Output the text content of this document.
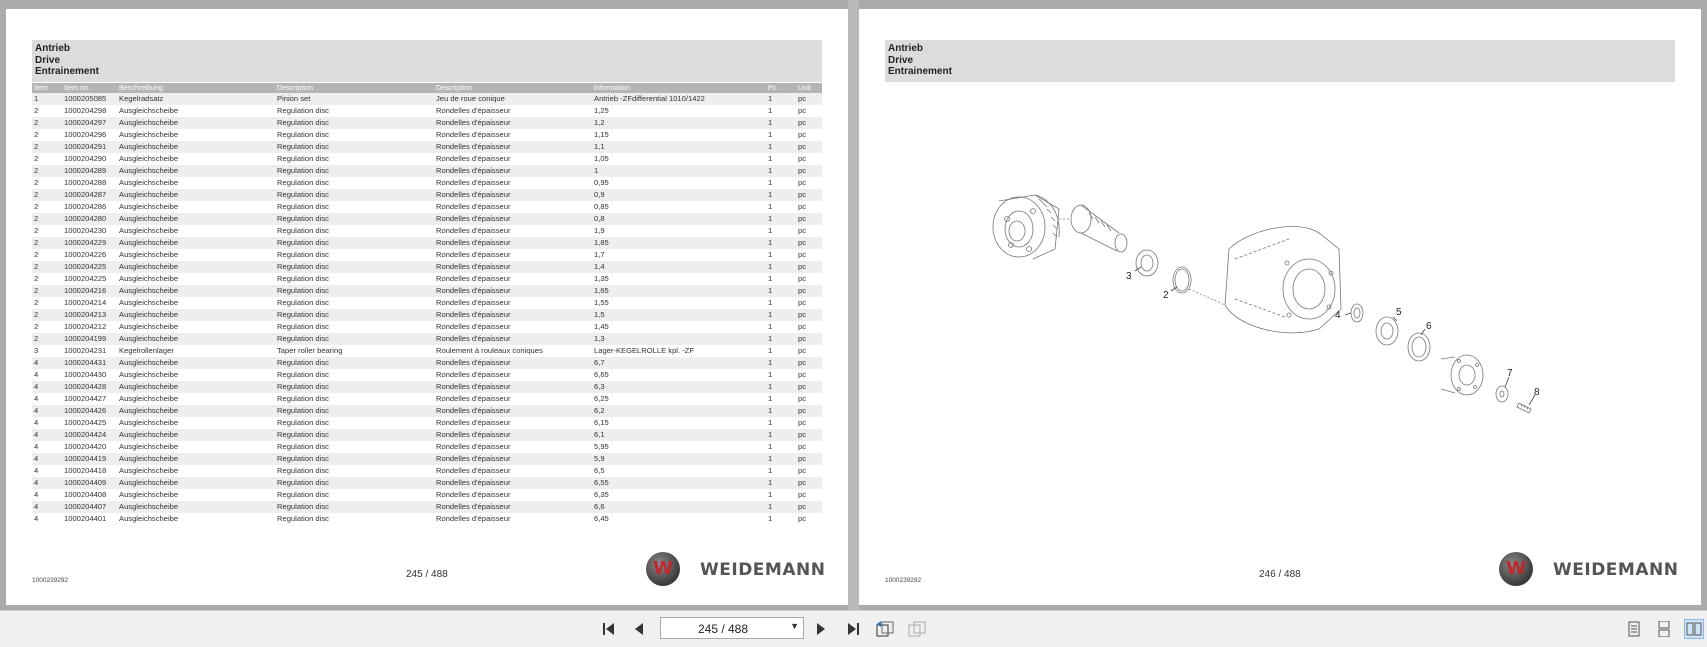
Antrieb
Drive
Entrainement
Item	Item no.	Beschreibung	Description	Description	Information	Pc.	Unit
1	1000205085	Kegelradsatz	Pinion set	Jeu de roue conique	Antrieb -ZFdifferential 1010/1422	1	pc
2	1000204298	Ausgleichscheibe	Regulation disc	Rondelles d'épaisseur	1,25	1	pc
2	1000204297	Ausgleichscheibe	Regulation disc	Rondelles d'épaisseur	1,2	1	pc
2	1000204296	Ausgleichscheibe	Regulation disc	Rondelles d'épaisseur	1,15	1	pc
2	1000204291	Ausgleichscheibe	Regulation disc	Rondelles d'épaisseur	1,1	1	pc
2	1000204290	Ausgleichscheibe	Regulation disc	Rondelles d'épaisseur	1,05	1	pc
2	1000204289	Ausgleichscheibe	Regulation disc	Rondelles d'épaisseur	1	1	pc
2	1000204288	Ausgleichscheibe	Regulation disc	Rondelles d'épaisseur	0,95	1	pc
2	1000204287	Ausgleichscheibe	Regulation disc	Rondelles d'épaisseur	0,9	1	pc
2	1000204286	Ausgleichscheibe	Regulation disc	Rondelles d'épaisseur	0,85	1	pc
2	1000204280	Ausgleichscheibe	Regulation disc	Rondelles d'épaisseur	0,8	1	pc
2	1000204230	Ausgleichscheibe	Regulation disc	Rondelles d'épaisseur	1,9	1	pc
2	1000204229	Ausgleichscheibe	Regulation disc	Rondelles d'épaisseur	1,85	1	pc
2	1000204226	Ausgleichscheibe	Regulation disc	Rondelles d'épaisseur	1,7	1	pc
2	1000204225	Ausgleichscheibe	Regulation disc	Rondelles d'épaisseur	1,4	1	pc
2	1000204225	Ausgleichscheibe	Regulation disc	Rondelles d'épaisseur	1,35	1	pc
2	1000204216	Ausgleichscheibe	Regulation disc	Rondelles d'épaisseur	1,65	1	pc
2	1000204214	Ausgleichscheibe	Regulation disc	Rondelles d'épaisseur	1,55	1	pc
2	1000204213	Ausgleichscheibe	Regulation disc	Rondelles d'épaisseur	1,5	1	pc
2	1000204212	Ausgleichscheibe	Regulation disc	Rondelles d'épaisseur	1,45	1	pc
2	1000204199	Ausgleichscheibe	Regulation disc	Rondelles d'épaisseur	1,3	1	pc
3	1000204231	Kegelrollenlager	Taper roller bearing	Roulement à rouleaux coniques	Lager-KEGELROLLE kpl. -ZF	1	pc
4	1000204431	Ausgleichscheibe	Regulation disc	Rondelles d'épaisseur	6,7	1	pc
4	1000204430	Ausgleichscheibe	Regulation disc	Rondelles d'épaisseur	6,65	1	pc
4	1000204428	Ausgleichscheibe	Regulation disc	Rondelles d'épaisseur	6,3	1	pc
4	1000204427	Ausgleichscheibe	Regulation disc	Rondelles d'épaisseur	6,25	1	pc
4	1000204426	Ausgleichscheibe	Regulation disc	Rondelles d'épaisseur	6,2	1	pc
4	1000204425	Ausgleichscheibe	Regulation disc	Rondelles d'épaisseur	6,15	1	pc
4	1000204424	Ausgleichscheibe	Regulation disc	Rondelles d'épaisseur	6,1	1	pc
4	1000204420	Ausgleichscheibe	Regulation disc	Rondelles d'épaisseur	5,95	1	pc
4	1000204419	Ausgleichscheibe	Regulation disc	Rondelles d'épaisseur	5,9	1	pc
4	1000204418	Ausgleichscheibe	Regulation disc	Rondelles d'épaisseur	6,5	1	pc
4	1000204409	Ausgleichscheibe	Regulation disc	Rondelles d'épaisseur	6,55	1	pc
4	1000204408	Ausgleichscheibe	Regulation disc	Rondelles d'épaisseur	6,35	1	pc
4	1000204407	Ausgleichscheibe	Regulation disc	Rondelles d'épaisseur	6,6	1	pc
4	1000204401	Ausgleichscheibe	Regulation disc	Rondelles d'épaisseur	6,45	1	pc
1000239292
245 / 488	W	WEIDEMANN
Antrieb
Drive
Entrainement
3
2
4	5
6
7
8
1000239292
246 / 488	W	WEIDEMANN
245 / 488
▼
